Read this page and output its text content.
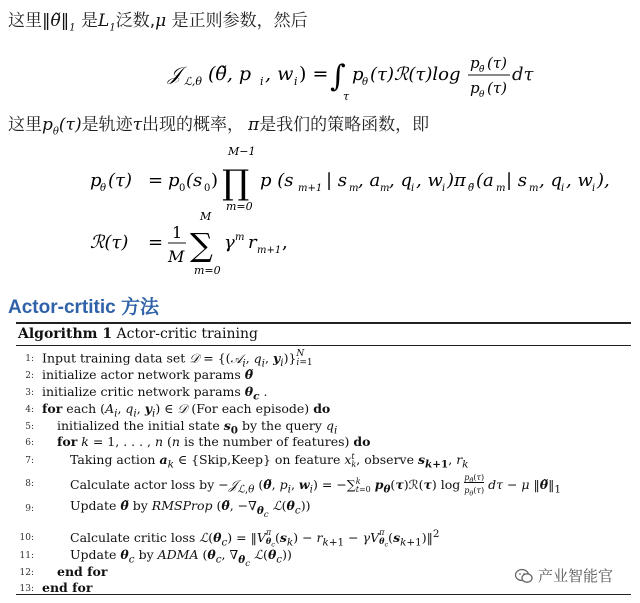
这里$‖\thetã‖_1$ 是$L_1$泛数,μ 是正则参数，然后
𝒥 ℒ,θ (θ̃, p i , w i ) = ∫
τ
p
θ (τ)ℛ(τ)log
p θ̃ (τ)
p θ (τ)
dτ
这里$p_\theta(\tau)$是轨迹τ出现的概率， π是我们的策略函数，即
p
θ (τ) = p 0 (s 0 )
M−1
∏
m=0
p (s m+1 | s m , a m , q i , w i )π θ̃ (a m | s m , q i , w i ),
ℛ(τ) = 1
M
M
∑
m=0
γ m r m+1 ,
Actor-crtitic 方法
Algorithm 1 Actor-critic training
1:
2:
3:
4:
5:
6:
7:
8:
9:
10:
11:
12:
13:
Input training data set 𝒟 = {(𝒜$_i$, $q_i$, $y_i)\}N$
i=1
initialize actor network params θ̃
initialize critic network params $\theta_c$ .
for each ($A_i$, $q_i$, $y_i$) ∈ 𝒟 (For each episode) do
initialized the initial state $s_0$ by the query $q_i$
for k = 1, . . . , n (n is the number of features) do
Taking action $a_k$ ∈ {Skip,Keep} on feature xt
k, observe $s_{k+1}$, $r_k$
Calculate actor loss by −𝒥$_{ℒ,\theta}$ (θ̃, $p_i$, $w_i) = -\sum k$
t=0 $p_\theta(\tau)ℛ(\tau)$ $\log p_{\thetã}(\tau)$
$p_\theta(\tau) d\tau - \mu$ $‖\thetã‖_1$
Update θ̃ by RMSProp (θ̃, $-\nabla_{\theta_c}$ $ℒ(\theta_c)$)
Calculate critic loss $ℒ(\theta_c)$ = ‖Vπ
$\theta_c(s_k) - r_{k+1} - \gamma V\pi$
$\theta_c(s_{k+1})‖^2$
Update $\theta_c$ by ADMA ($\theta_c$, $\nabla_{\theta_c}$ $ℒ(\theta_c)$)
end for
end for
产业智能官
